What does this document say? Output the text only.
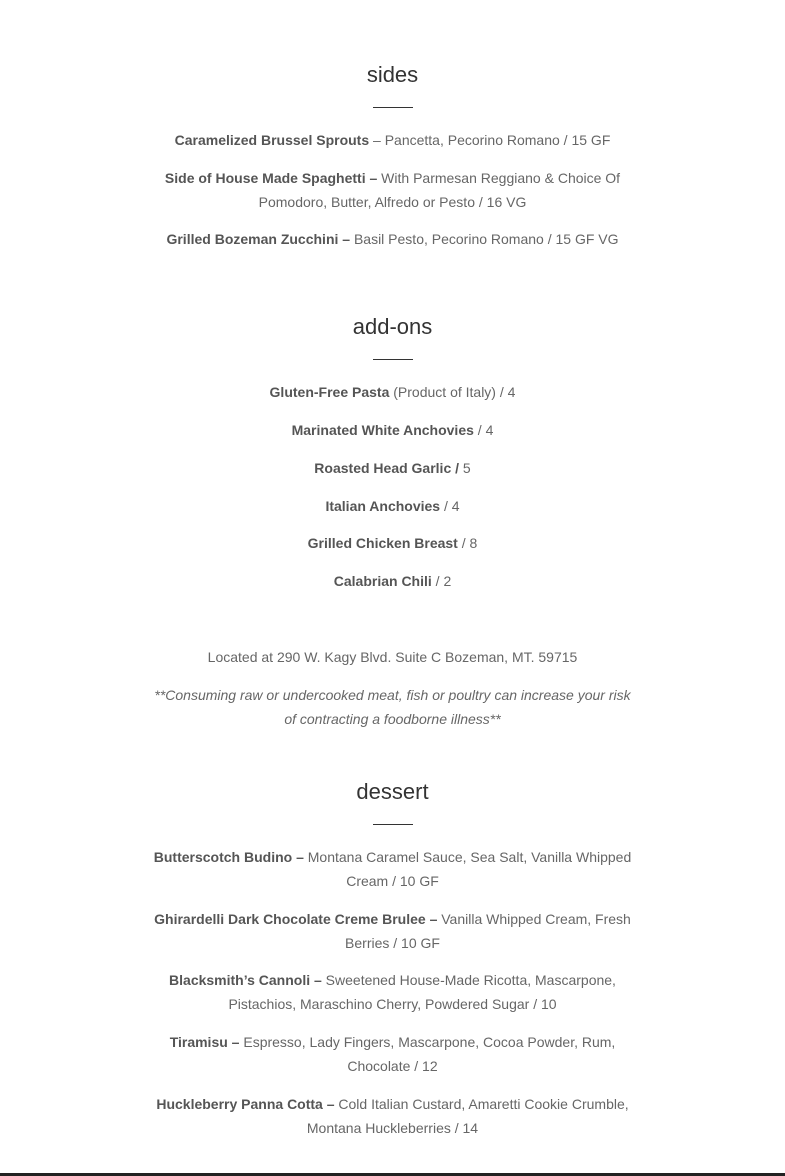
sides

Caramelized Brussel Sprouts – Pancetta, Pecorino Romano / 15 GF

Side of House Made Spaghetti – With Parmesan Reggiano & Choice Of Pomodoro, Butter, Alfredo or Pesto / 16 VG

Grilled Bozeman Zucchini – Basil Pesto, Pecorino Romano / 15 GF VG

add-ons

Gluten-Free Pasta (Product of Italy) / 4

Marinated White Anchovies / 4

Roasted Head Garlic / 5

Italian Anchovies / 4

Grilled Chicken Breast / 8

Calabrian Chili / 2

Located at 290 W. Kagy Blvd. Suite C Bozeman, MT. 59715

**Consuming raw or undercooked meat, fish or poultry can increase your risk of contracting a foodborne illness**

dessert

Butterscotch Budino – Montana Caramel Sauce, Sea Salt, Vanilla Whipped Cream / 10 GF

Ghirardelli Dark Chocolate Creme Brulee – Vanilla Whipped Cream, Fresh Berries / 10 GF

Blacksmith’s Cannoli – Sweetened House-Made Ricotta, Mascarpone, Pistachios, Maraschino Cherry, Powdered Sugar / 10

Tiramisu – Espresso, Lady Fingers, Mascarpone, Cocoa Powder, Rum, Chocolate / 12

Huckleberry Panna Cotta – Cold Italian Custard, Amaretti Cookie Crumble, Montana Huckleberries / 14
